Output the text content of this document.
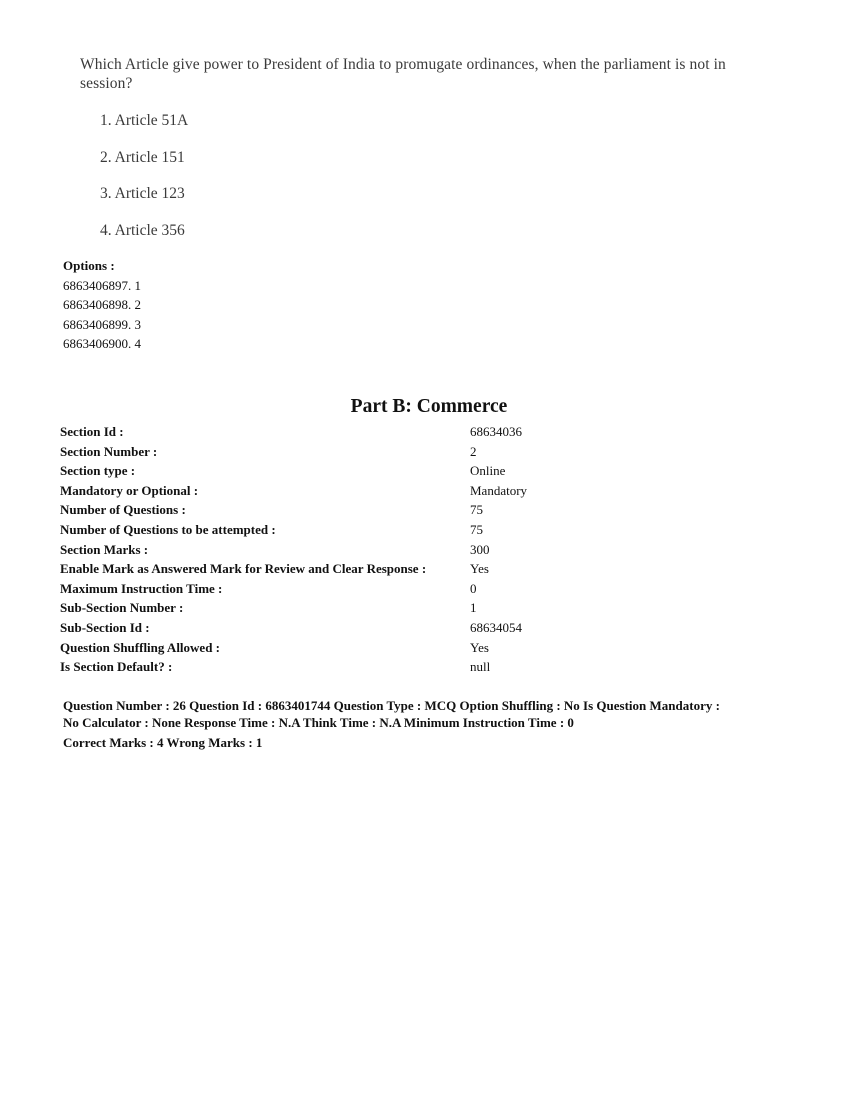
Which Article give power to President of India to promugate ordinances, when the parliament is not in session?

1. Article 51A
2. Article 151
3. Article 123
4. Article 356
Options :
6863406897. 1
6863406898. 2
6863406899. 3
6863406900. 4
Part B: Commerce
Section Id :	68634036
Section Number :	2
Section type :	Online
Mandatory or Optional :	Mandatory
Number of Questions :	75
Number of Questions to be attempted :	75
Section Marks :	300
Enable Mark as Answered Mark for Review and Clear Response :	Yes
Maximum Instruction Time :	0
Sub-Section Number :	1
Sub-Section Id :	68634054
Question Shuffling Allowed :	Yes
Is Section Default? :	null
Question Number : 26 Question Id : 6863401744 Question Type : MCQ Option Shuffling : No Is Question Mandatory :
No Calculator : None Response Time : N.A Think Time : N.A Minimum Instruction Time : 0
Correct Marks : 4 Wrong Marks : 1
